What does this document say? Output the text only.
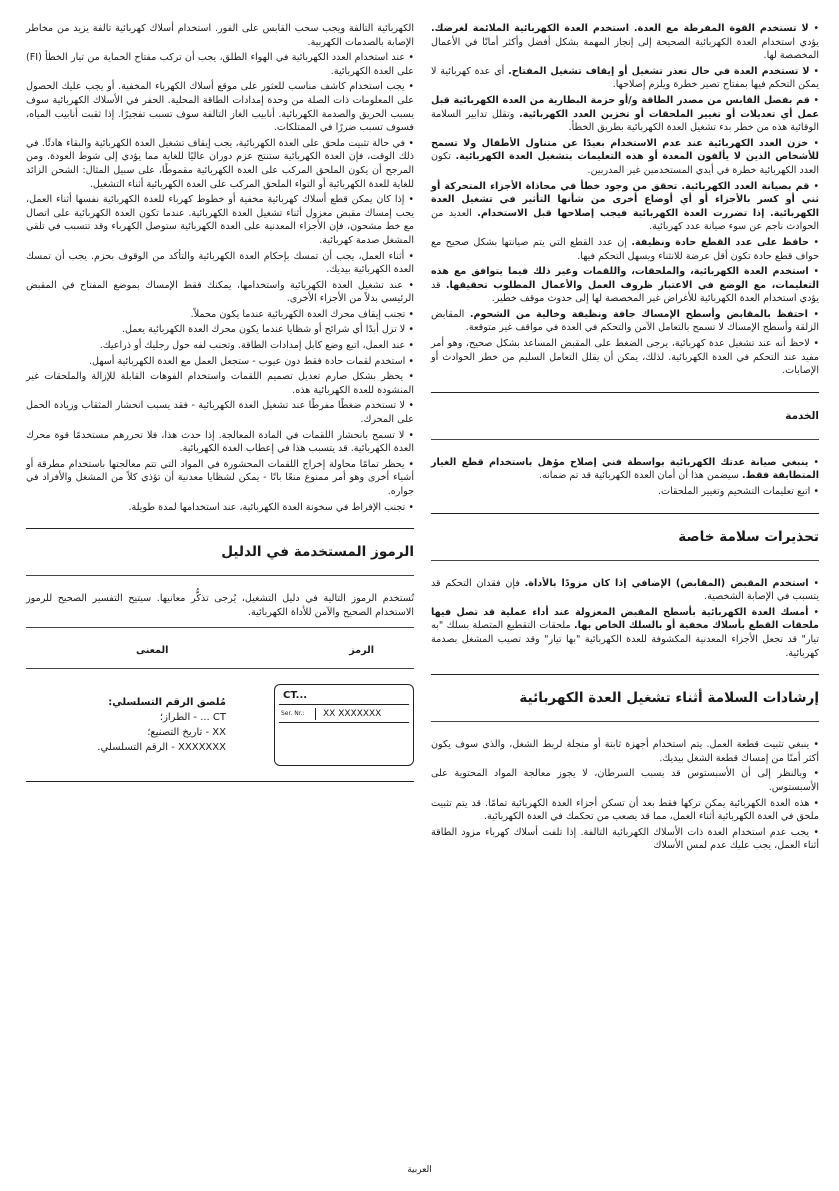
• لا تستخدم القوة المفرطة مع العدة. استخدم العدة الكهربائية الملائمة لغرضك. يؤدي استخدام العدة الكهربائية الصحيحة إلى إنجاز المهمة بشكل أفضل وأكثر أمانًا في الأعمال المخصصة لها.

• لا تستخدم العدة في حال تعذر تشغيل أو إيقاف تشغيل المفتاح. أي عدة كهربائية لا يمكن التحكم فيها بمفتاح تصير خطرة ويلزم إصلاحها.

• قم بفصل القابس من مصدر الطاقة و/أو حزمة البطارية من العدة الكهربائية قبل عمل أي تعديلات أو تغيير الملحقات أو تخزين العدد الكهربائية. وتقلل تدابير السلامة الوقائية هذه من خطر بدء تشغيل العدة الكهربائية بطريق الخطأ.

• خزن العدد الكهربائية عند عدم الاستخدام بعيدًا عن متناول الأطفال ولا تسمح للأشخاص الذين لا يألفون المعدة أو هذه التعليمات بتشغيل العدة الكهربائية. تكون العدد الكهربائية خطرة في أيدي المستخدمين غير المدربين.

• قم بصيانة العدد الكهربائية. تحقق من وجود خطأ في محاذاة الأجزاء المتحركة أو ثني أو كسر بالأجزاء أو أي أوضاع أخرى من شأنها التأثير في تشغيل العدة الكهربائية. إذا تضررت العدة الكهربائية فيجب إصلاحها قبل الاستخدام. العديد من الحوادث ناجم عن سوء صيانة عدد كهربائية.

• حافظ على عدد القطع حادة ونظيفة. إن عدد القطع التي يتم صيانتها بشكل صحيح مع حواف قطع حادة تكون أقل عرضة للانثناء ويسهل التحكم فيها.

• استخدم العدة الكهربائية، والملحقات، واللقمات وغير ذلك فيما يتوافق مع هذه التعليمات، مع الوضع في الاعتبار ظروف العمل والأعمال المطلوب تحقيقها. قد يؤدي استخدام العدة الكهربائية للأغراض غير المخصصة لها إلى حدوث موقف خطير.

• احتفظ بالمقابض وأسطح الإمساك جافة ونظيفة وخالية من الشحوم. المقابض الزلقة وأسطح الإمساك لا تسمح بالتعامل الآمن والتحكم في العدة في مواقف غير متوقعة.

• لاحظ أنه عند تشغيل عدة كهربائية، يرجى الضغط على المقبض المساعد بشكل صحيح، وهو أمر مفيد عند التحكم في العدة الكهربائية. لذلك، يمكن أن يقلل التعامل السليم من خطر الحوادث أو الإصابات.

الخدمة

• ينبغي صيانة عدتك الكهربائية بواسطة فني إصلاح مؤهل باستخدام قطع الغيار المتطابقة فقط. سيضمن هذا أن أمان العدة الكهربائية قد تم ضمانه.

• اتبع تعليمات التشحيم وتغيير الملحقات.

تحذيرات سلامة خاصة

• استخدم المقبض (المقابض) الإضافي إذا كان مزودًا بالأداة. فإن فقدان التحكم قد يتسبب في الإصابة الشخصية.

• أمسك العدة الكهربائية بأسطح المقبض المعزولة عند أداء عملية قد تصل فيها ملحقات القطع بأسلاك مخفية أو بالسلك الخاص بها. ملحقات التقطيع المتصلة بسلك "به تيار" قد تجعل الأجزاء المعدنية المكشوفة للعدة الكهربائية "بها تيار" وقد تصيب المشغل بصدمة كهربائية.

إرشادات السلامة أثناء تشغيل العدة الكهربائية

• ينبغي تثبيت قطعة العمل. يتم استخدام أجهزة ثابتة أو منجلة لربط الشغل، والذي سوف يكون أكثر أمنًا من إمساك قطعة الشغل بيديك.

• وبالنظر إلى أن الأسبستوس قد يسبب السرطان، لا يجوز معالجة المواد المحتوية على الأسبستوس.

• هذه العدة الكهربائية يمكن تركها فقط بعد أن تسكن أجزاء العدة الكهربائية تمامًا. قد يتم تثبيت ملحق في العدة الكهربائية أثناء العمل، مما قد يصعب من تحكمك في العدة الكهربائية.

• يجب عدم استخدام العدة ذات الأسلاك الكهربائية التالفة. إذا تلفت أسلاك كهرباء مزود الطاقة أثناء العمل، يجب عليك عدم لمس الأسلاك

الكهربائية التالفة ويجب سحب القابس على الفور. استخدام أسلاك كهربائية تالفة يزيد من مخاطر الإصابة بالصدمات الكهربية.

• عند استخدام العدد الكهربائية في الهواء الطلق، يجب أن تركب مفتاح الحماية من تيار الخطأ (FI) على العدة الكهربائية.

• يجب استخدام كاشف مناسب للعثور على موقع أسلاك الكهرباء المخفية. أو يجب عليك الحصول على المعلومات ذات الصلة من وحدة إمدادات الطاقة المحلية. الحفر في الأسلاك الكهربائية سوف يسبب الحريق والصدمة الكهربائية. أنابيب الغاز التالفة سوف تسبب تفجيرًا. إذا ثقبت أنابيب المياه، فسوف تسبب ضررًا في الممتلكات.

• في حالة تثبيت ملحق على العدة الكهربائية، يجب إيقاف تشغيل العدة الكهربائية والبقاء هادئًا. في ذلك الوقت، فإن العدة الكهربائية ستنتج عزم دوران عاليًا للغاية مما يؤدي إلى شوط العودة. ومن المرجح أن يكون الملحق المركب على العدة الكهربائية مقموطًا، على سبيل المثال: الشحن الزائد للغاية للعدة الكهربائية أو التواء الملحق المركب على العدة الكهربائية أثناء التشغيل.

• إذا كان يمكن قطع أسلاك كهربائية مخفية أو خطوط كهرباء للعدة الكهربائية نفسها أثناء العمل، يجب إمساك مقبض معزول أثناء تشغيل العدة الكهربائية. عندما تكون العدة الكهربائية على اتصال مع خط مشحون، فإن الأجزاء المعدنية على العدة الكهربائية ستوصل الكهرباء وقد تتسبب في تلقي المشغل صدمة كهربائية.

• أثناء العمل، يجب أن تمسك بإحكام العدة الكهربائية والتأكد من الوقوف بحزم. يجب أن تمسك العدة الكهربائية بيديك.

• عند تشغيل العدة الكهربائية واستخدامها، يمكنك فقط الإمساك بموضع المفتاح في المقبض الرئيسي بدلاً من الأجزاء الأخرى.

• تجنب إيقاف محرك العدة الكهربائية عندما يكون محملاً.

• لا تزل أبدًا أي شرائح أو شظايا عندما يكون محرك العدة الكهربائية يعمل.

• عند العمل، اتبع وضع كابل إمدادات الطاقة. وتجنب لفه حول رجليك أو ذراعيك.

• استخدم لقمات حادة فقط دون عيوب - ستجعل العمل مع العدة الكهربائية أسهل.

• يحظر بشكل صارم تعديل تصميم اللقمات واستخدام الفوهات القابلة للإزالة والملحقات غير المنشودة للعدة الكهربائية هذه.

• لا تستخدم ضغطًا مفرطًا عند تشغيل العدة الكهربائية - فقد يسبب انحشار المثقاب وزيادة الحمل على المحرك.

• لا تسمح بانحشار اللقمات في المادة المعالجة. إذا حدث هذا، فلا تحررهم مستخدمًا قوة محرك العدة الكهربائية. قد يتسبب هذا في إعطاب العدة الكهربائية.

• يحظر تمامًا محاولة إخراج اللقمات المحشورة في المواد التي تتم معالجتها باستخدام مطرقة أو أشياء أخرى وهو أمر ممنوع منعًا باتًا - يمكن لشظايا معدنية أن تؤذي كلاً من المشغل والأفراد في جواره.

• تجنب الإفراط في سخونة العدة الكهربائية، عند استخدامها لمدة طويلة.

الرموز المستخدمة في الدليل

تُستخدم الرموز التالية في دليل التشغيل، يُرجى تذكُّر معانيها. سيتيح التفسير الصحيح للرموز الاستخدام الصحيح والآمن للأداة الكهربائية.

الرمز
المعنى
CT...
Ser. Nr.:	XX XXXXXXX
مُلصق الرقم التسلسلي:
CT ... - الطراز؛
XX - تاريخ التصنيع؛
XXXXXXX - الرقم التسلسلي.
العربية
